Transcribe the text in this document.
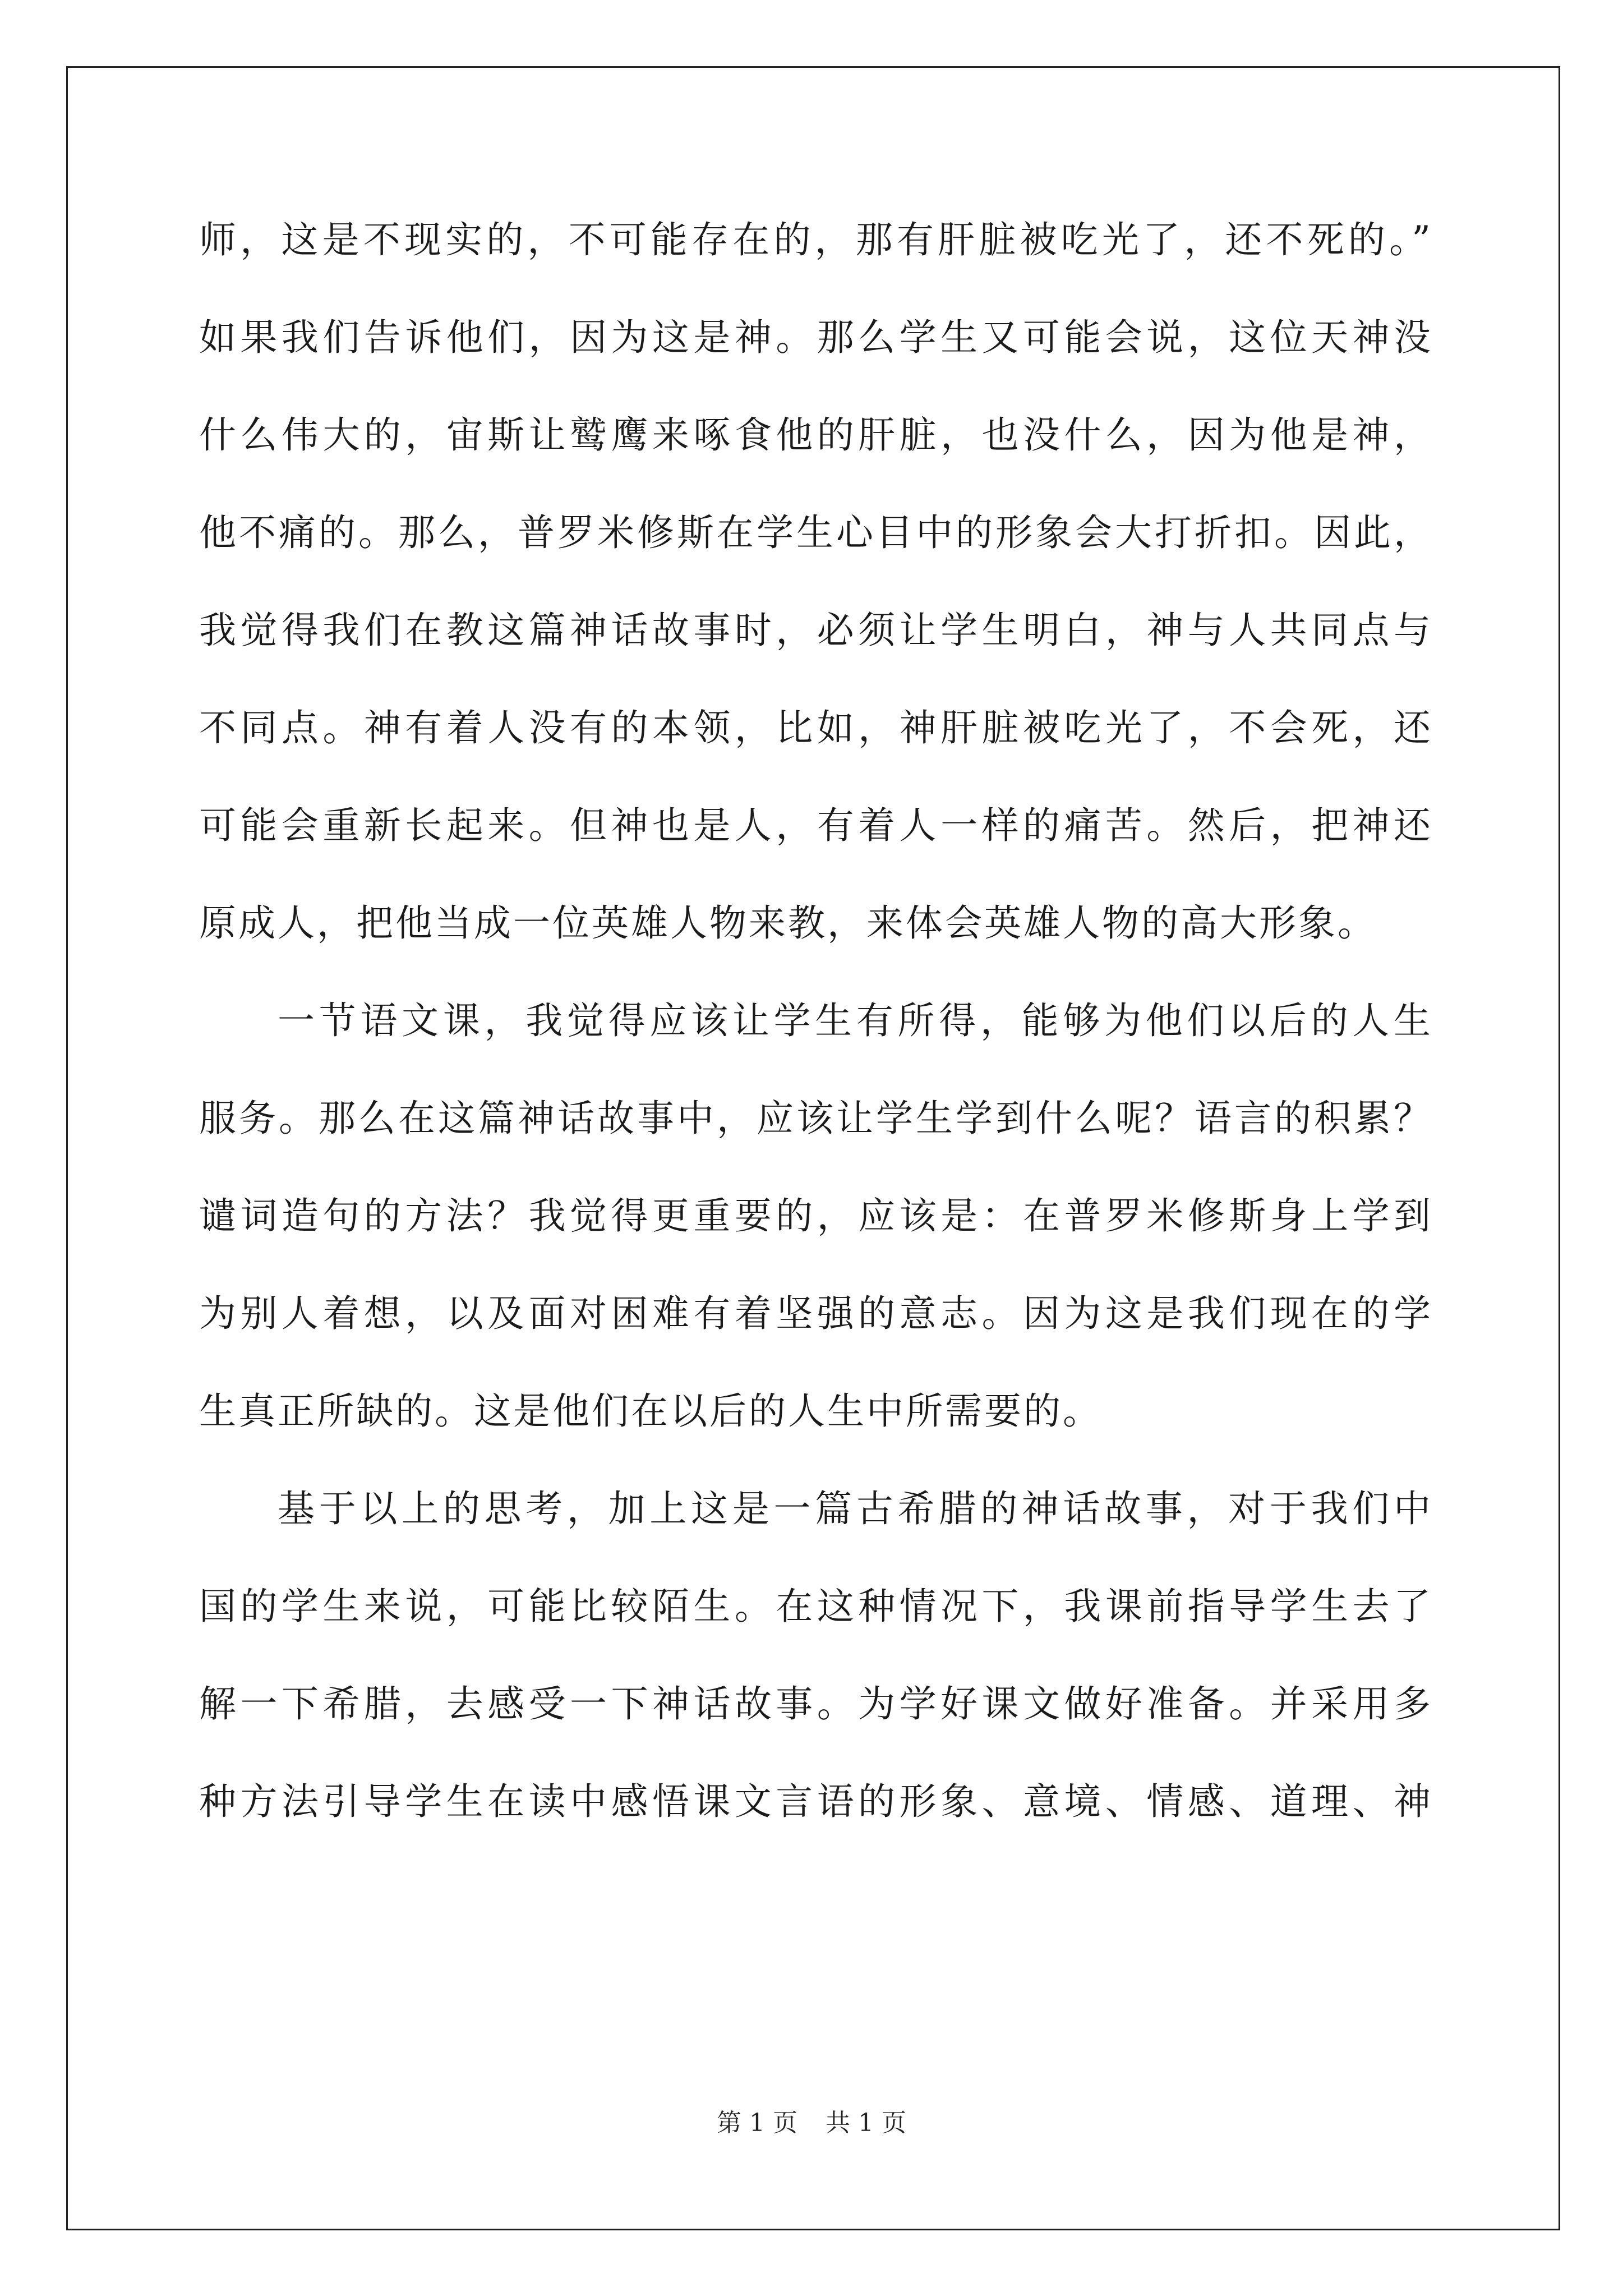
师，这是不现实的，不可能存在的，那有肝脏被吃光了，还不死的。”
如果我们告诉他们，因为这是神。那么学生又可能会说，这位天神没
什么伟大的，宙斯让鹫鹰来啄食他的肝脏，也没什么，因为他是神，
他不痛的。那么，普罗米修斯在学生心目中的形象会大打折扣。因此，
我觉得我们在教这篇神话故事时，必须让学生明白，神与人共同点与
不同点。神有着人没有的本领，比如，神肝脏被吃光了，不会死，还
可能会重新长起来。但神也是人，有着人一样的痛苦。然后，把神还
原成人，把他当成一位英雄人物来教，来体会英雄人物的高大形象。
一节语文课，我觉得应该让学生有所得，能够为他们以后的人生
服务。那么在这篇神话故事中，应该让学生学到什么呢？语言的积累？
谴词造句的方法？我觉得更重要的，应该是：在普罗米修斯身上学到
为别人着想，以及面对困难有着坚强的意志。因为这是我们现在的学
生真正所缺的。这是他们在以后的人生中所需要的。
基于以上的思考，加上这是一篇古希腊的神话故事，对于我们中
国的学生来说，可能比较陌生。在这种情况下，我课前指导学生去了
解一下希腊，去感受一下神话故事。为学好课文做好准备。并采用多
种方法引导学生在读中感悟课文言语的形象、意境、情感、道理、神
第 1 页 共 1 页
